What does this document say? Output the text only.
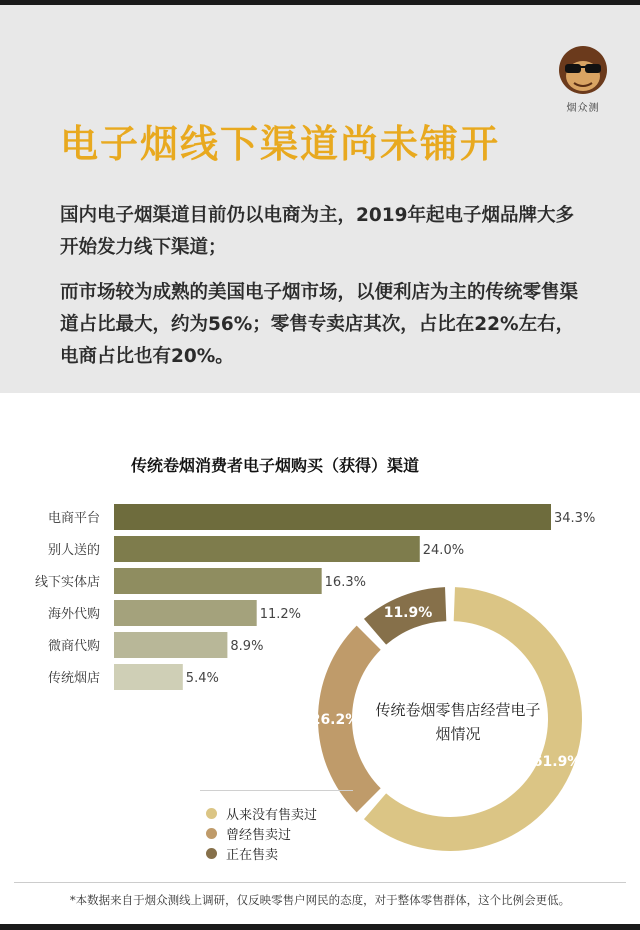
烟众测
电子烟线下渠道尚未铺开
国内电子烟渠道目前仍以电商为主，2019年起电子烟品牌大多开始发力线下渠道；
而市场较为成熟的美国电子烟市场，以便利店为主的传统零售渠道占比最大，约为56%；零售专卖店其次，占比在22%左右，电商占比也有20%。
传统卷烟消费者电子烟购买（获得）渠道
电商平台	34.3%
别人送的	24.0%
线下实体店	16.3%
海外代购	11.2%
微商代购	8.9%
传统烟店	5.4%
61.9%
26.2%
11.9%
传统卷烟零售店经营电子烟情况
从来没有售卖过
曾经售卖过
正在售卖
*本数据来自于烟众测线上调研，仅反映零售户网民的态度，对于整体零售群体，这个比例会更低。
